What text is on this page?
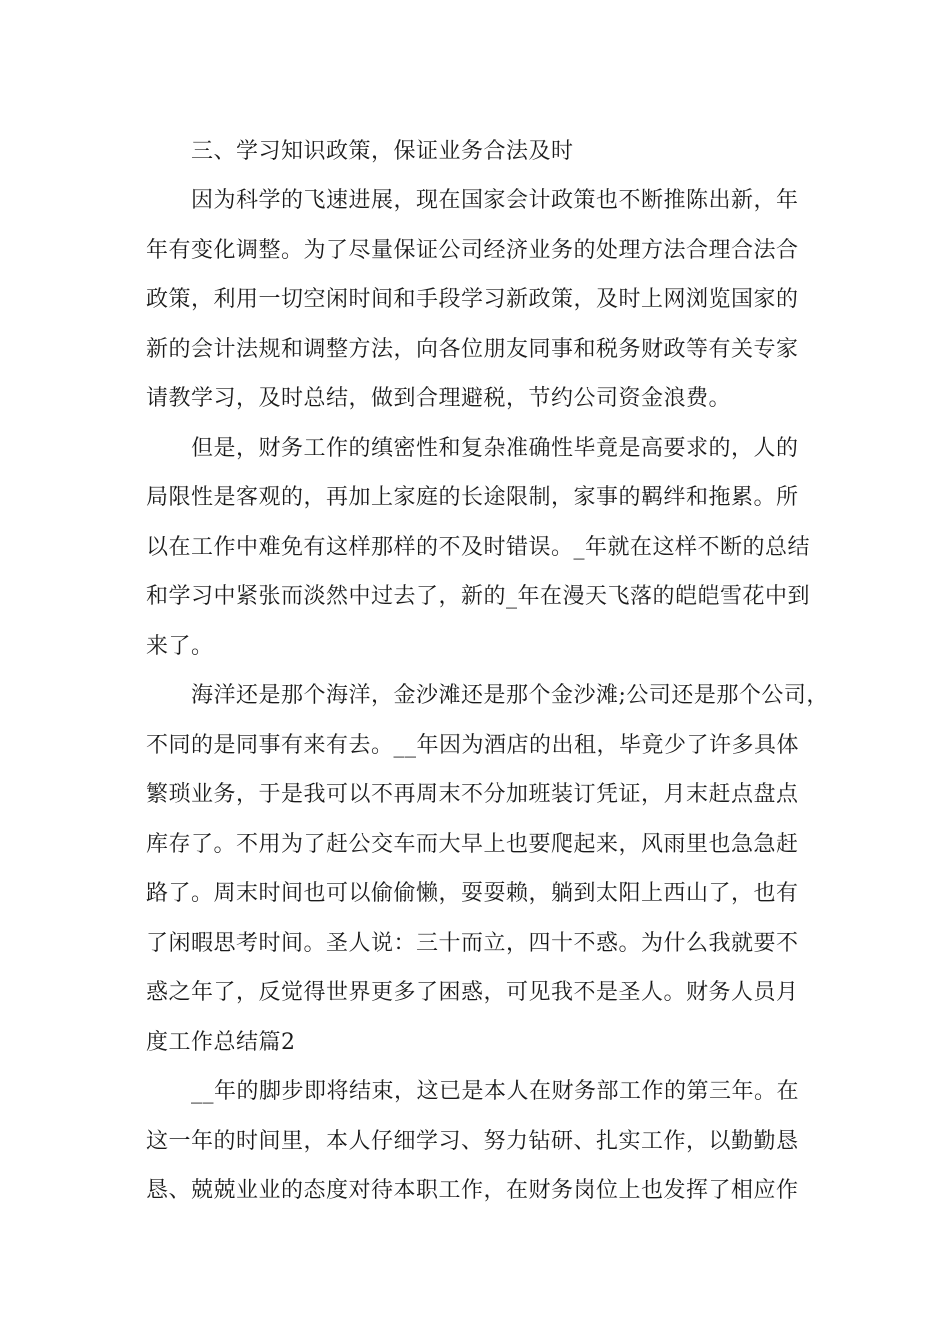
三、学习知识政策，保证业务合法及时
因为科学的飞速进展，现在国家会计政策也不断推陈出新，年
年有变化调整。为了尽量保证公司经济业务的处理方法合理合法合
政策，利用一切空闲时间和手段学习新政策，及时上网浏览国家的
新的会计法规和调整方法，向各位朋友同事和税务财政等有关专家
请教学习，及时总结，做到合理避税，节约公司资金浪费。
但是，财务工作的缜密性和复杂准确性毕竟是高要求的，人的
局限性是客观的，再加上家庭的长途限制，家事的羁绊和拖累。所
以在工作中难免有这样那样的不及时错误。_年就在这样不断的总结
和学习中紧张而淡然中过去了，新的_年在漫天飞落的皑皑雪花中到
来了。
海洋还是那个海洋，金沙滩还是那个金沙滩;公司还是那个公司，
不同的是同事有来有去。__年因为酒店的出租，毕竟少了许多具体
繁琐业务，于是我可以不再周末不分加班装订凭证，月末赶点盘点
库存了。不用为了赶公交车而大早上也要爬起来，风雨里也急急赶
路了。周末时间也可以偷偷懒，耍耍赖，躺到太阳上西山了，也有
了闲暇思考时间。圣人说：三十而立，四十不惑。为什么我就要不
惑之年了，反觉得世界更多了困惑，可见我不是圣人。财务人员月
度工作总结篇2
__年的脚步即将结束，这已是本人在财务部工作的第三年。在
这一年的时间里，本人仔细学习、努力钻研、扎实工作，以勤勤恳
恳、兢兢业业的态度对待本职工作，在财务岗位上也发挥了相应作
